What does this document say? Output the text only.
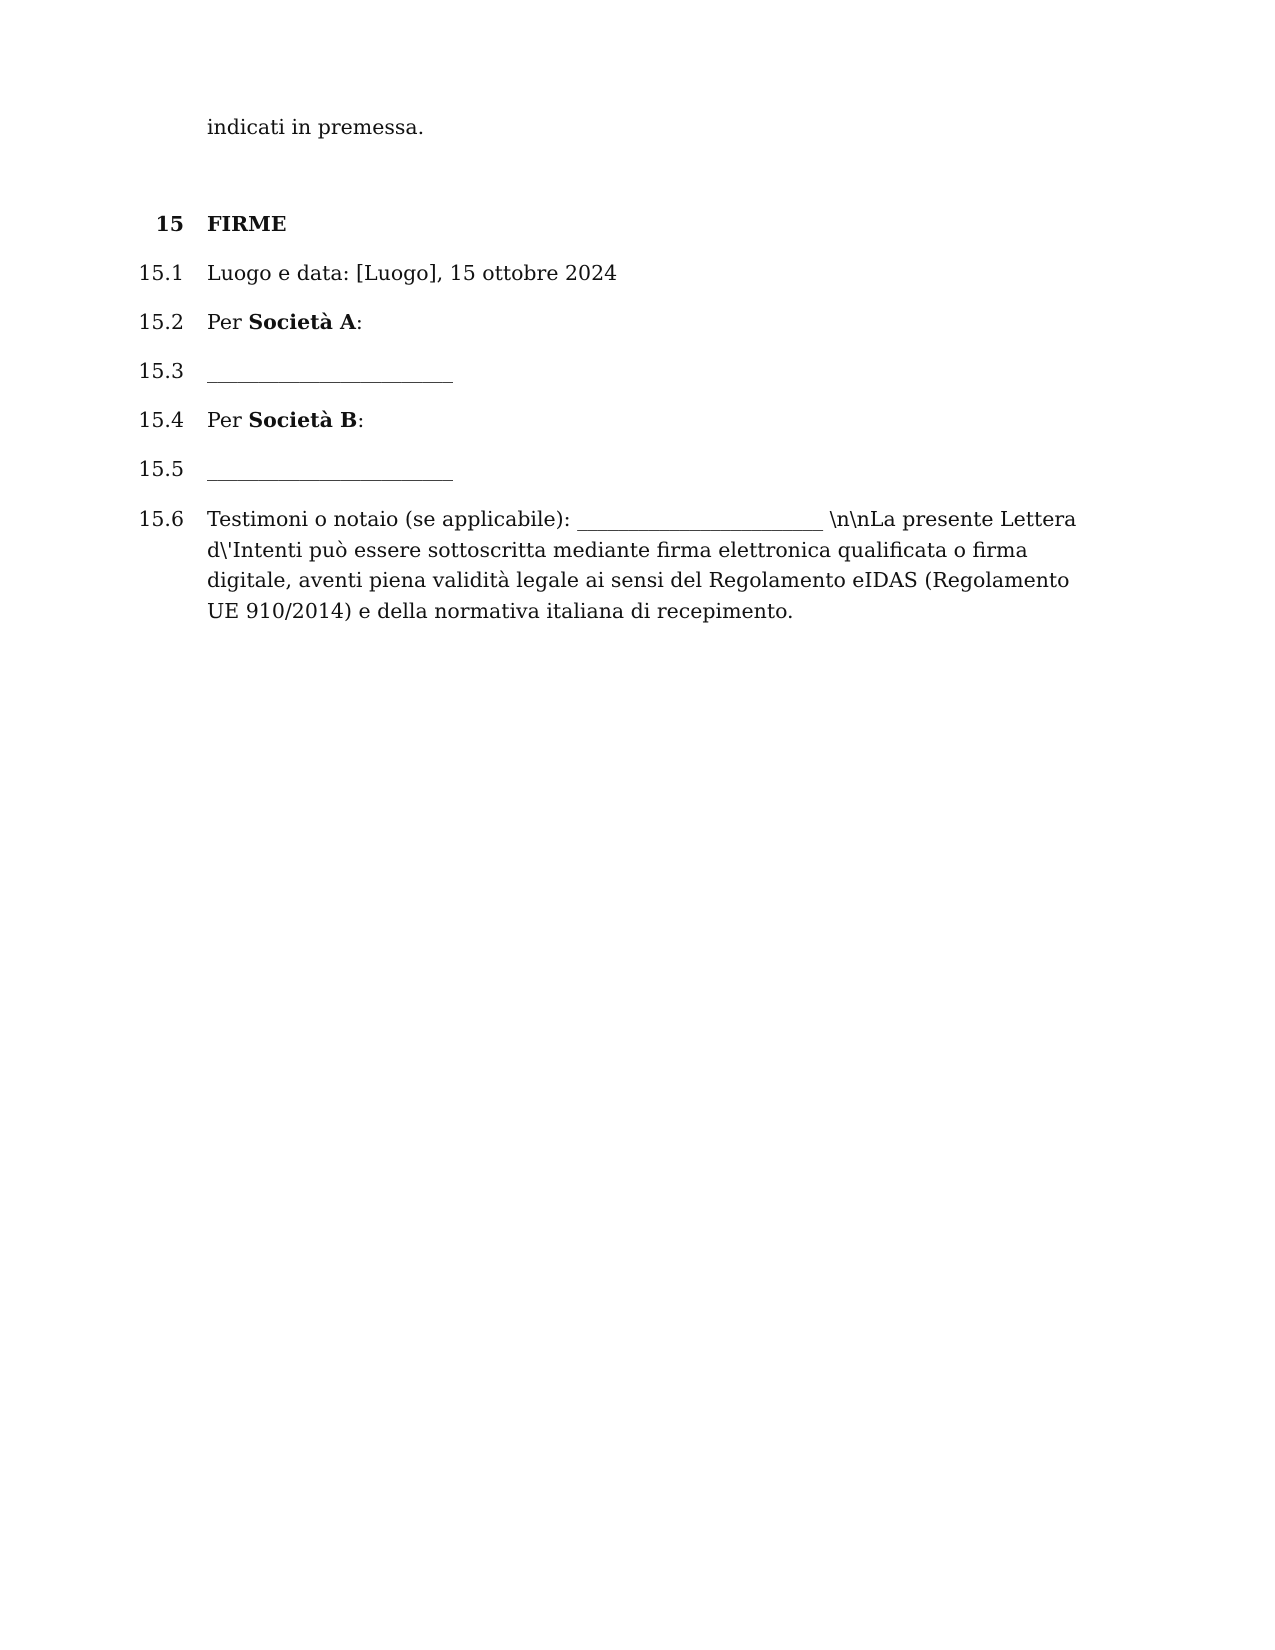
indicati in premessa.
15 FIRME
15.1 Luogo e data: [Luogo], 15 ottobre 2024
15.2 Per Società A:
15.3 ________________________
15.4 Per Società B:
15.5 ________________________
15.6 Testimoni o notaio (se applicabile): ________________________ \n\nLa presente Lettera d\'Intenti può essere sottoscritta mediante firma elettronica qualificata o firma digitale, aventi piena validità legale ai sensi del Regolamento eIDAS (Regolamento UE 910/2014) e della normativa italiana di recepimento.
